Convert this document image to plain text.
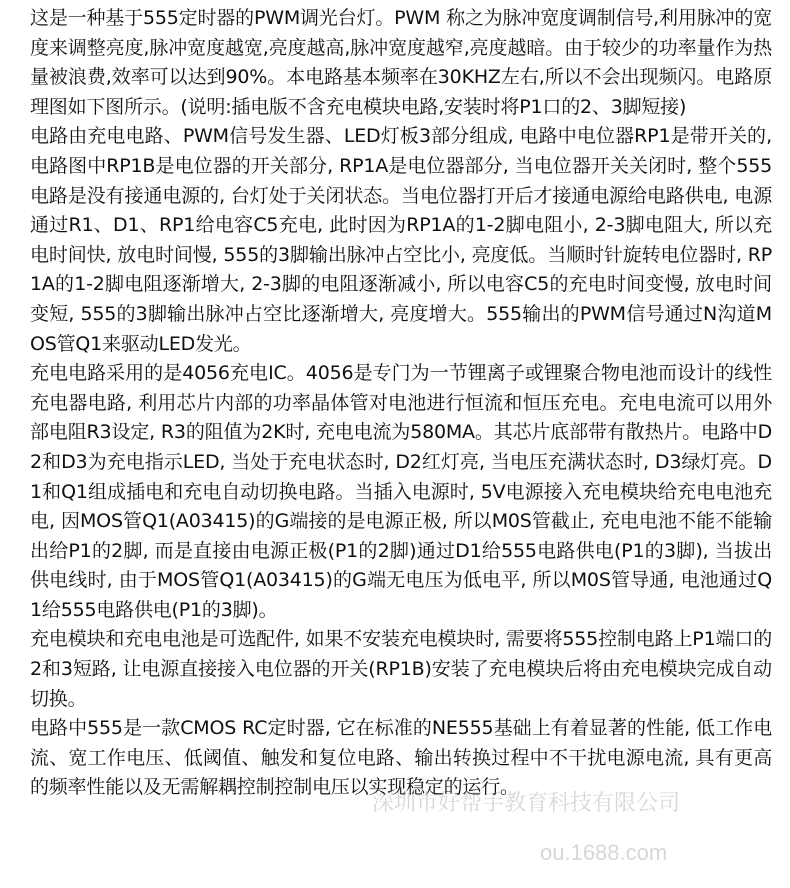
这是一种基于555定时器的PWM调光台灯。PWM 称之为脉冲宽度调制信号,利用脉冲的宽度来调整亮度,脉冲宽度越宽,亮度越高,脉冲宽度越窄,亮度越暗。由于较少的功率量作为热量被浪费,效率可以达到90%。本电路基本频率在30KHZ左右,所以不会出现频闪。电路原理图如下图所示。(说明:插电版不含充电模块电路,安装时将P1口的2、3脚短接)

电路由充电电路、PWM信号发生器、LED灯板3部分组成, 电路中电位器RP1是带开关的, 电路图中RP1B是电位器的开关部分, RP1A是电位器部分, 当电位器开关关闭时, 整个555电路是没有接通电源的, 台灯处于关闭状态。当电位器打开后才接通电源给电路供电, 电源通过R1、D1、RP1给电容C5充电, 此时因为RP1A的1-2脚电阻小, 2-3脚电阻大, 所以充电时间快, 放电时间慢, 555的3脚输出脉冲占空比小, 亮度低。当顺时针旋转电位器时, RP1A的1-2脚电阻逐渐增大, 2-3脚的电阻逐渐减小, 所以电容C5的充电时间变慢, 放电时间变短, 555的3脚输出脉冲占空比逐渐增大, 亮度增大。555输出的PWM信号通过N沟道MOS管Q1来驱动LED发光。

充电电路采用的是4056充电IC。4056是专门为一节锂离子或锂聚合物电池而设计的线性充电器电路, 利用芯片内部的功率晶体管对电池进行恒流和恒压充电。充电电流可以用外部电阻R3设定, R3的阻值为2K时, 充电电流为580MA。其芯片底部带有散热片。电路中D2和D3为充电指示LED, 当处于充电状态时, D2红灯亮, 当电压充满状态时, D3绿灯亮。D1和Q1组成插电和充电自动切换电路。当插入电源时, 5V电源接入充电模块给充电电池充电, 因MOS管Q1(A03415)的G端接的是电源正极, 所以M0S管截止, 充电电池不能不能输出给P1的2脚, 而是直接由电源正极(P1的2脚)通过D1给555电路供电(P1的3脚), 当拔出供电线时, 由于MOS管Q1(A03415)的G端无电压为低电平, 所以M0S管导通, 电池通过Q1给555电路供电(P1的3脚)。

充电模块和充电电池是可选配件, 如果不安装充电模块时, 需要将555控制电路上P1端口的2和3短路, 让电源直接接入电位器的开关(RP1B)安装了充电模块后将由充电模块完成自动切换。

电路中555是一款CMOS RC定时器, 它在标准的NE555基础上有着显著的性能, 低工作电流、宽工作电压、低阈值、触发和复位电路、输出转换过程中不干扰电源电流, 具有更高的频率性能以及无需解耦控制控制电压以实现稳定的运行。

深圳市好帮手教育科技有限公司
ou.1688.com
